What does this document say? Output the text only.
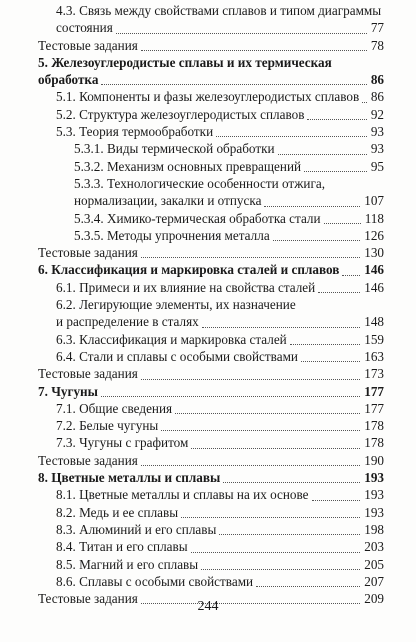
4.3. Связь между свойствами сплавов и типом диаграммы
состояния	77
Тестовые задания	78
5. Железоуглеродистые сплавы и их термическая
обработка	86
5.1. Компоненты и фазы железоуглеродистых сплавов 86
5.2. Структура железоуглеродистых сплавов	92
5.3. Теория термообработки	93
5.3.1. Виды термической обработки	93
5.3.2. Механизм основных превращений	95
5.3.3. Технологические особенности отжига,
нормализации, закалки и отпуска	107
5.3.4. Химико-термическая обработка стали	118
5.3.5. Методы упрочнения металла	126
Тестовые задания	130
6. Классификация и маркировка сталей и сплавов	146
6.1. Примеси и их влияние на свойства сталей	146
6.2. Легирующие элементы, их назначение
и распределение в сталях	148
6.3. Классификация и маркировка сталей	159
6.4. Стали и сплавы с особыми свойствами	163
Тестовые задания	173
7. Чугуны	177
7.1. Общие сведения	177
7.2. Белые чугуны	178
7.3. Чугуны с графитом	178
Тестовые задания	190
8. Цветные металлы и сплавы	193
8.1. Цветные металлы и сплавы на их основе	193
8.2. Медь и ее сплавы	193
8.3. Алюминий и его сплавы	198
8.4. Титан и его сплавы	203
8.5. Магний и его сплавы	205
8.6. Сплавы с особыми свойствами	207
Тестовые задания	209
244
